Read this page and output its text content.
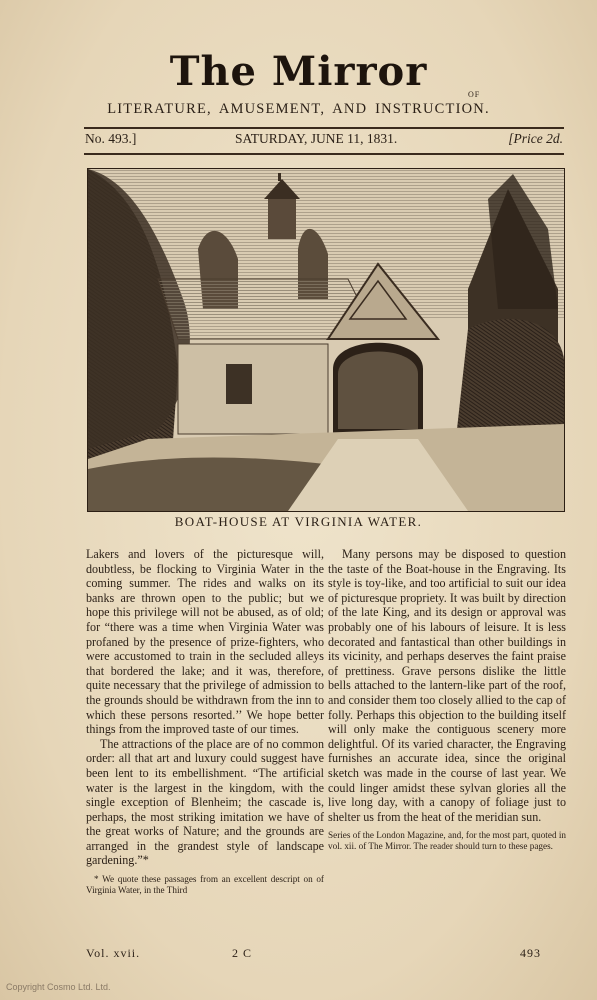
The Mirror	OF
LITERATURE, AMUSEMENT, AND INSTRUCTION.
No. 493.]	SATURDAY, JUNE 11, 1831.	[Price 2d.
BOAT-HOUSE AT VIRGINIA WATER.

Lakers and lovers of the picturesque will, doubtless, be flocking to Virginia Water in the coming summer. The rides and walks on its banks are thrown open to the public; but we hope this privilege will not be abused, as of old; for “there was a time when Virginia Water was profaned by the presence of prize-fighters, who were accustomed to train in the secluded alleys that bordered the lake; and it was, therefore, quite necessary that the privilege of admission to the grounds should be withdrawn from the inn to which these persons resorted.’’ We hope better things from the improved taste of our times.

The attractions of the place are of no common order: all that art and luxury could suggest have been lent to its embellishment. “The artificial water is the largest in the kingdom, with the single exception of Blenheim; the cascade is, perhaps, the most striking imitation we have of the great works of Nature; and the grounds are arranged in the grandest style of landscape gardening.”*

* We quote these passages from an excellent descript on of Virginia Water, in the Third

Many persons may be disposed to question the taste of the Boat-house in the Engraving. Its style is toy-like, and too artificial to suit our idea of picturesque propriety. It was built by direction of the late King, and its design or approval was probably one of his labours of leisure. It is less decorated and fantastical than other buildings in its vicinity, and perhaps deserves the faint praise of prettiness. Grave persons dislike the little bells attached to the lantern-like part of the roof, and consider them too closely allied to the cap of folly. Perhaps this objection to the building itself will only make the contiguous scenery more delightful. Of its varied character, the Engraving furnishes an accurate idea, since the original sketch was made in the course of last year. We could linger amidst these sylvan glories all the live long day, with a canopy of foliage just to shelter us from the heat of the meridian sun.

Series of the London Magazine, and, for the most part, quoted in vol. xii. of The Mirror. The reader should turn to these pages.

Vol. xvii.	2 C	493
Copyright Cosmo Ltd. Ltd.
